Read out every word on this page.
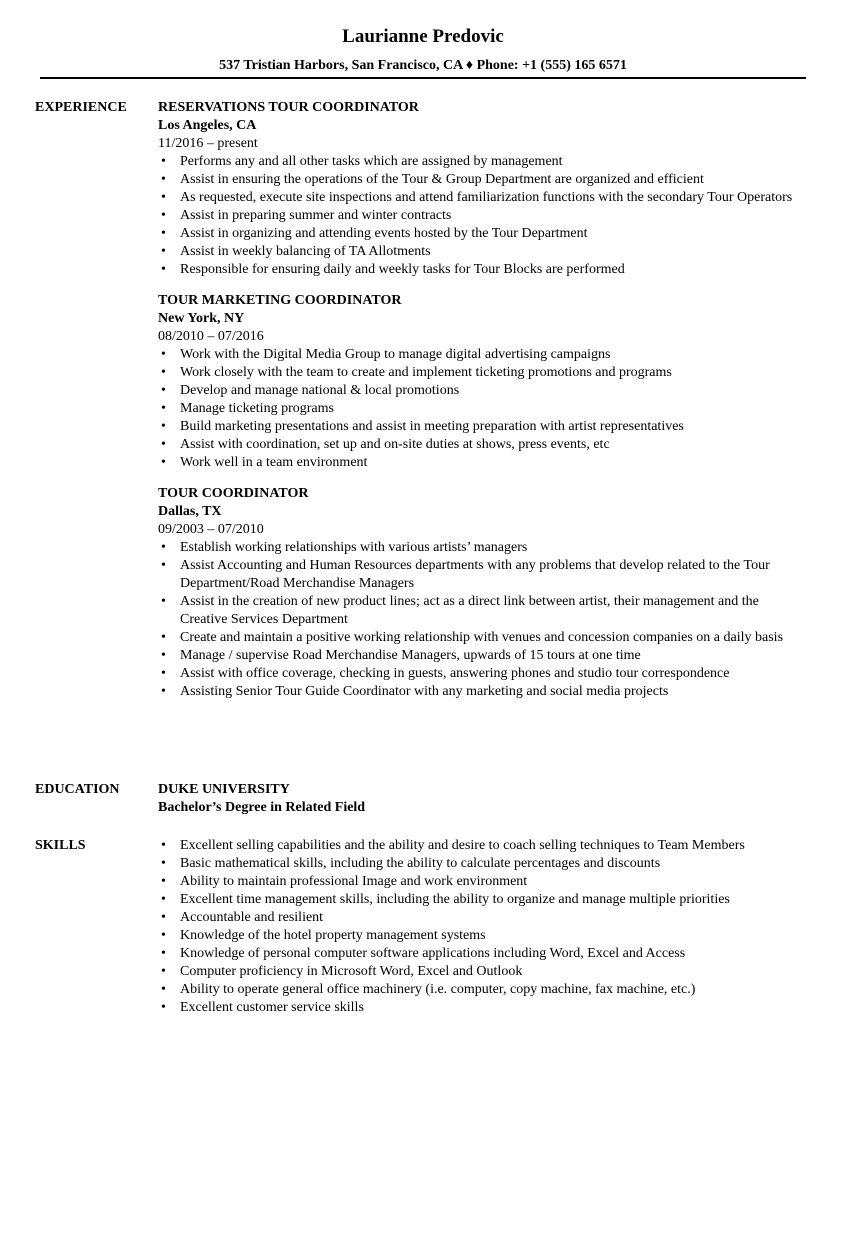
Laurianne Predovic
537 Tristian Harbors, San Francisco, CA ♦ Phone: +1 (555) 165 6571
EXPERIENCE RESERVATIONS TOUR COORDINATOR
Los Angeles, CA
11/2016 – present
• Performs any and all other tasks which are assigned by management
• Assist in ensuring the operations of the Tour & Group Department are organized and efficient
• As requested, execute site inspections and attend familiarization functions with the secondary Tour Operators
• Assist in preparing summer and winter contracts
• Assist in organizing and attending events hosted by the Tour Department
• Assist in weekly balancing of TA Allotments
• Responsible for ensuring daily and weekly tasks for Tour Blocks are performed
TOUR MARKETING COORDINATOR
New York, NY
08/2010 – 07/2016
• Work with the Digital Media Group to manage digital advertising campaigns
• Work closely with the team to create and implement ticketing promotions and programs
• Develop and manage national & local promotions
• Manage ticketing programs
• Build marketing presentations and assist in meeting preparation with artist representatives
• Assist with coordination, set up and on-site duties at shows, press events, etc
• Work well in a team environment
TOUR COORDINATOR
Dallas, TX
09/2003 – 07/2010
• Establish working relationships with various artists’ managers
• Assist Accounting and Human Resources departments with any problems that develop related to the Tour Department/Road Merchandise Managers
• Assist in the creation of new product lines; act as a direct link between artist, their management and the Creative Services Department
• Create and maintain a positive working relationship with venues and concession companies on a daily basis
• Manage / supervise Road Merchandise Managers, upwards of 15 tours at one time
• Assist with office coverage, checking in guests, answering phones and studio tour correspondence
• Assisting Senior Tour Guide Coordinator with any marketing and social media projects
EDUCATION	DUKE UNIVERSITY
Bachelor’s Degree in Related Field
SKILLS
•	Excellent selling capabilities and the ability and desire to coach selling techniques to Team Members
• Basic mathematical skills, including the ability to calculate percentages and discounts
• Ability to maintain professional Image and work environment
• Excellent time management skills, including the ability to organize and manage multiple priorities
• Accountable and resilient
• Knowledge of the hotel property management systems
• Knowledge of personal computer software applications including Word, Excel and Access
• Computer proficiency in Microsoft Word, Excel and Outlook
• Ability to operate general office machinery (i.e. computer, copy machine, fax machine, etc.)
• Excellent customer service skills
